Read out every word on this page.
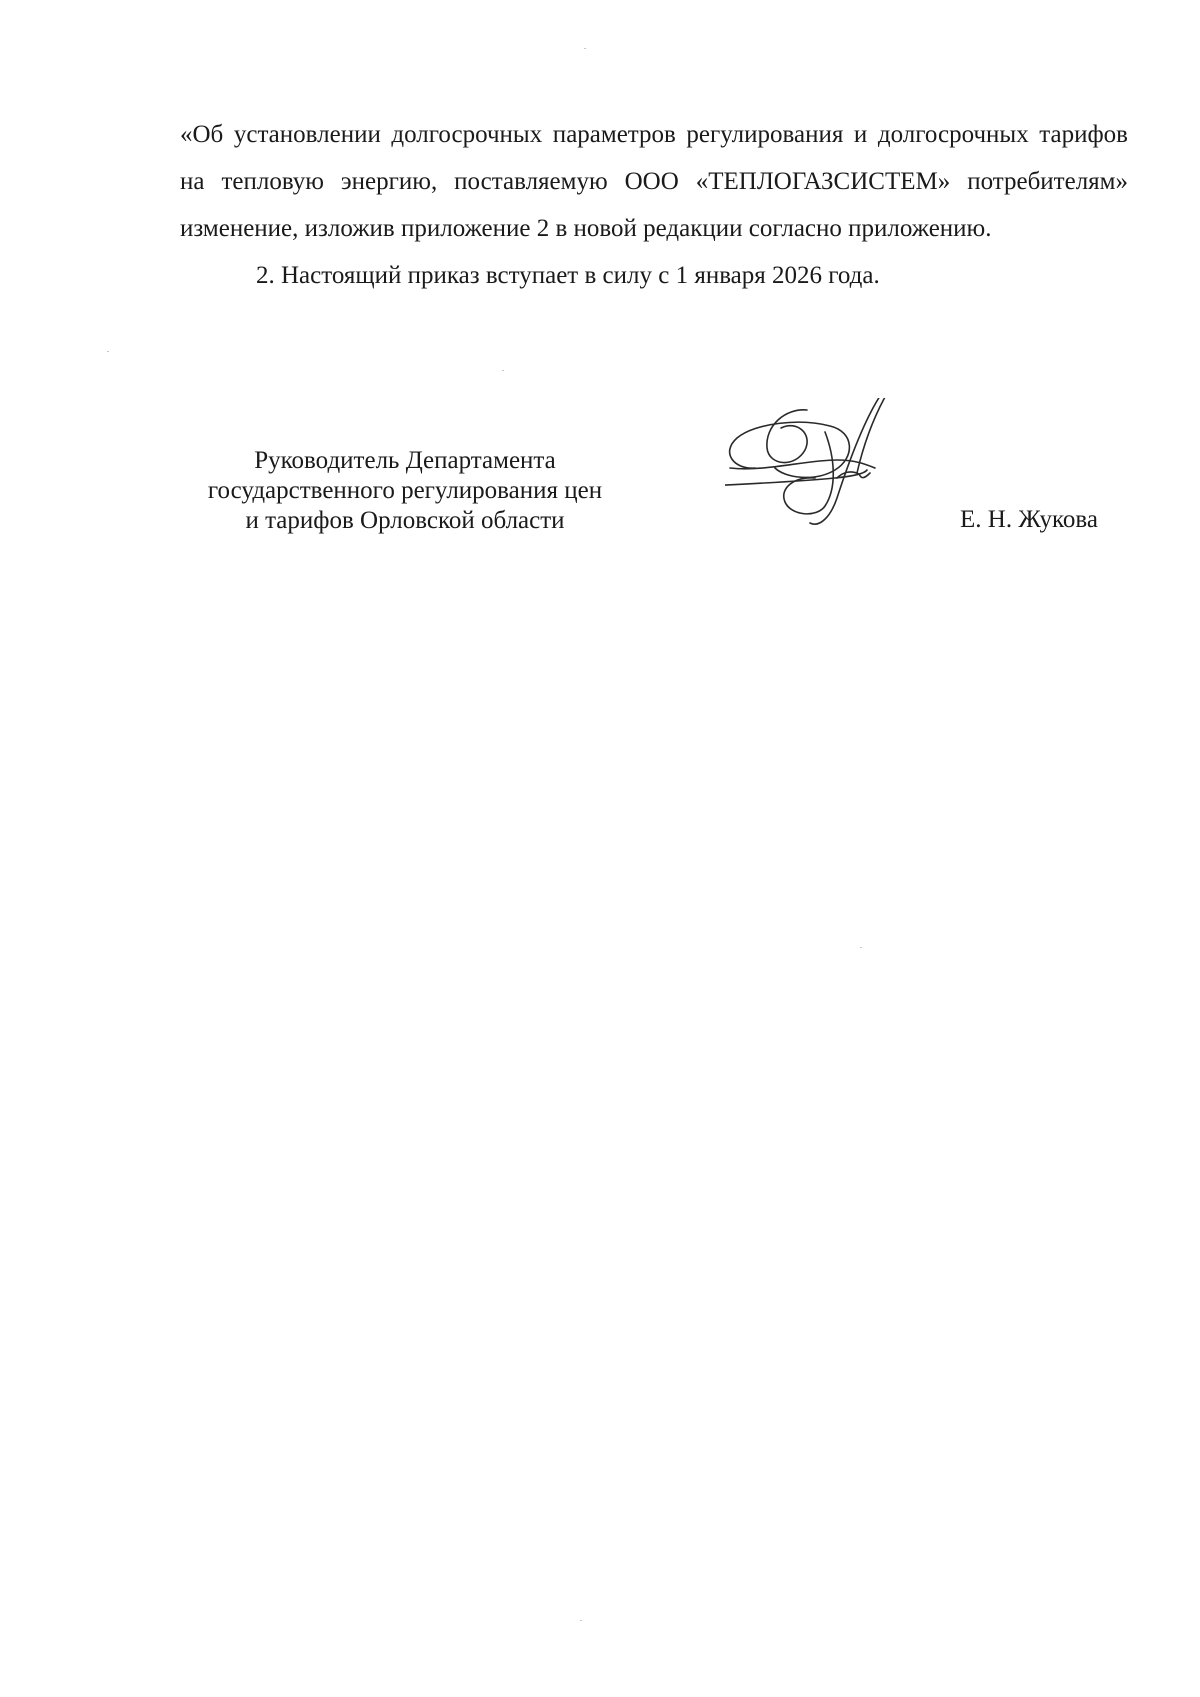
«Об установлении долгосрочных параметров регулирования и долгосрочных тарифов на тепловую энергию, поставляемую ООО «ТЕПЛОГАЗСИСТЕМ» потребителям» изменение, изложив приложение 2 в новой редакции согласно приложению.

2. Настоящий приказ вступает в силу с 1 января 2026 года.

Руководитель Департамента
государственного регулирования цен
и тарифов Орловской области	Е. Н. Жукова
